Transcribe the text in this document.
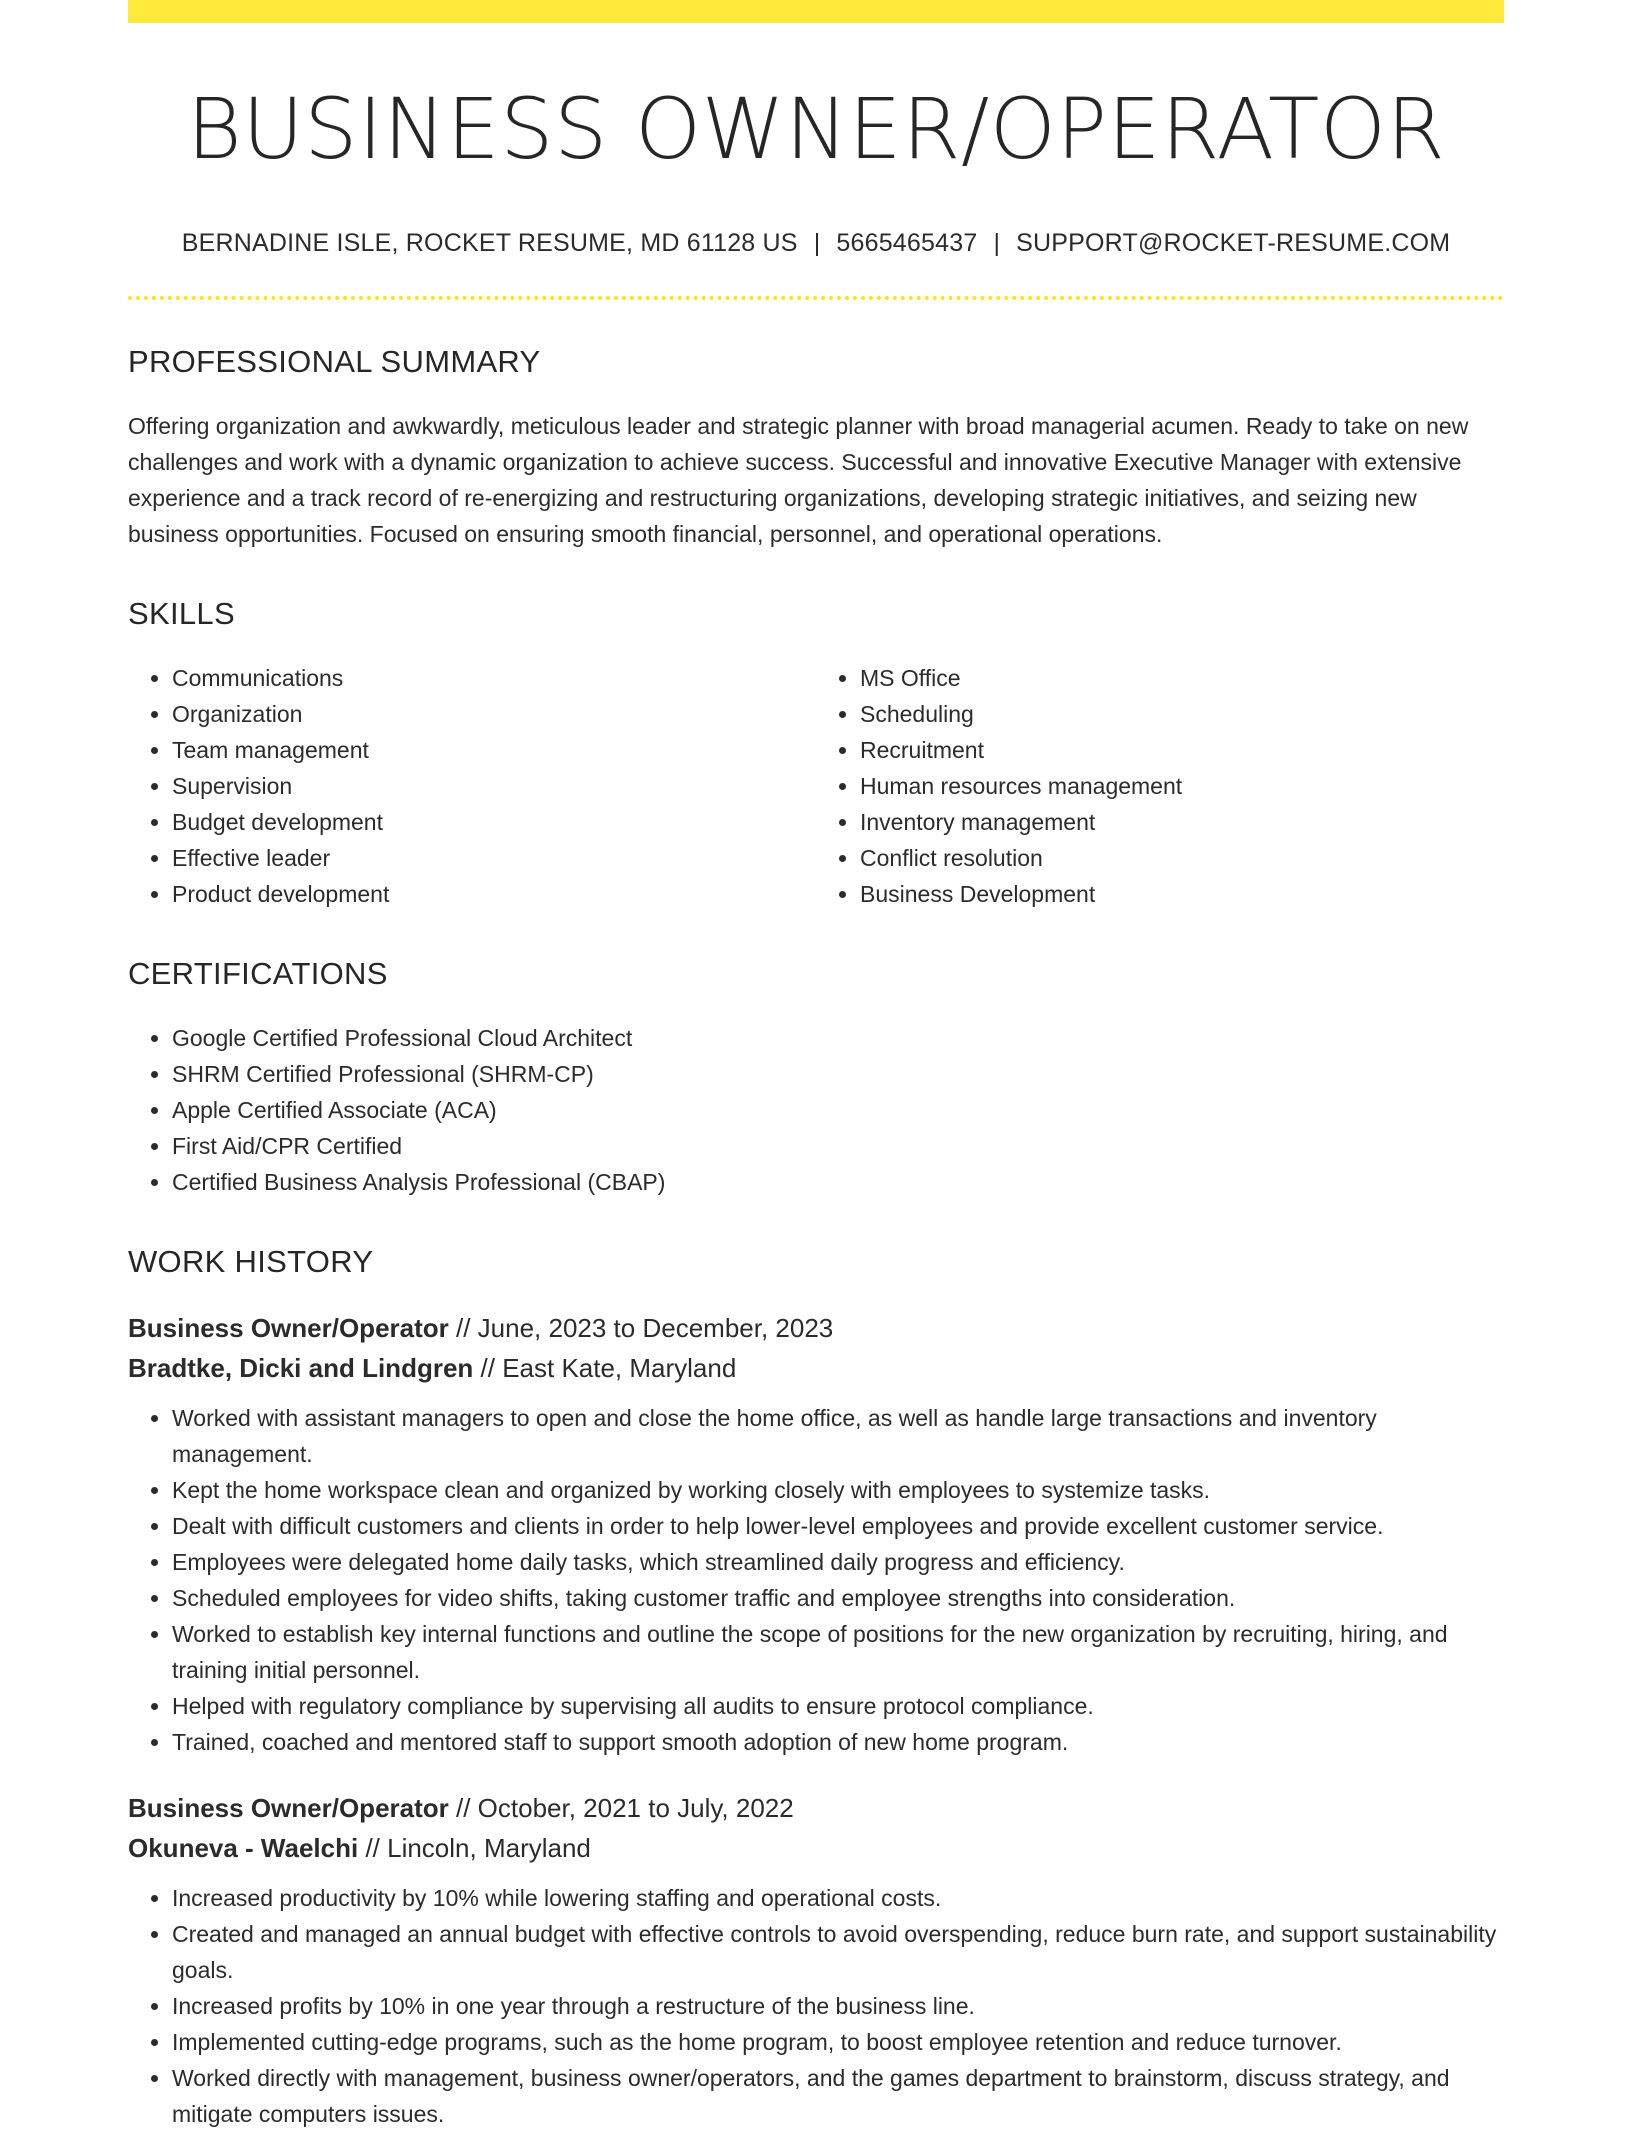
BUSINESS OWNER/OPERATOR
BERNADINE ISLE, ROCKET RESUME, MD 61128 US | 5665465437 | SUPPORT@ROCKET-RESUME.COM
PROFESSIONAL SUMMARY

Offering organization and awkwardly, meticulous leader and strategic planner with broad managerial acumen. Ready to take on new challenges and work with a dynamic organization to achieve success. Successful and innovative Executive Manager with extensive experience and a track record of re-energizing and restructuring organizations, developing strategic initiatives, and seizing new business opportunities. Focused on ensuring smooth financial, personnel, and operational operations.

SKILLS
• Communications
• Organization
• Team management
• Supervision
• Budget development
• Effective leader
• Product development
• MS Office
• Scheduling
• Recruitment
• Human resources management
• Inventory management
• Conflict resolution
• Business Development
CERTIFICATIONS
• Google Certified Professional Cloud Architect
• SHRM Certified Professional (SHRM-CP)
• Apple Certified Associate (ACA)
• First Aid/CPR Certified
• Certified Business Analysis Professional (CBAP)
WORK HISTORY

Business Owner/Operator // June, 2023 to December, 2023

Bradtke, Dicki and Lindgren // East Kate, Maryland

• Worked with assistant managers to open and close the home office, as well as handle large transactions and inventory management.
• Kept the home workspace clean and organized by working closely with employees to systemize tasks.
• Dealt with difficult customers and clients in order to help lower-level employees and provide excellent customer service.
• Employees were delegated home daily tasks, which streamlined daily progress and efficiency.
• Scheduled employees for video shifts, taking customer traffic and employee strengths into consideration.
• Worked to establish key internal functions and outline the scope of positions for the new organization by recruiting, hiring, and training initial personnel.
• Helped with regulatory compliance by supervising all audits to ensure protocol compliance.
• Trained, coached and mentored staff to support smooth adoption of new home program.

Business Owner/Operator // October, 2021 to July, 2022

Okuneva - Waelchi // Lincoln, Maryland

• Increased productivity by 10% while lowering staffing and operational costs.
• Created and managed an annual budget with effective controls to avoid overspending, reduce burn rate, and support sustainability goals.
• Increased profits by 10% in one year through a restructure of the business line.
• Implemented cutting-edge programs, such as the home program, to boost employee retention and reduce turnover.
• Worked directly with management, business owner/operators, and the games department to brainstorm, discuss strategy, and mitigate computers issues.
